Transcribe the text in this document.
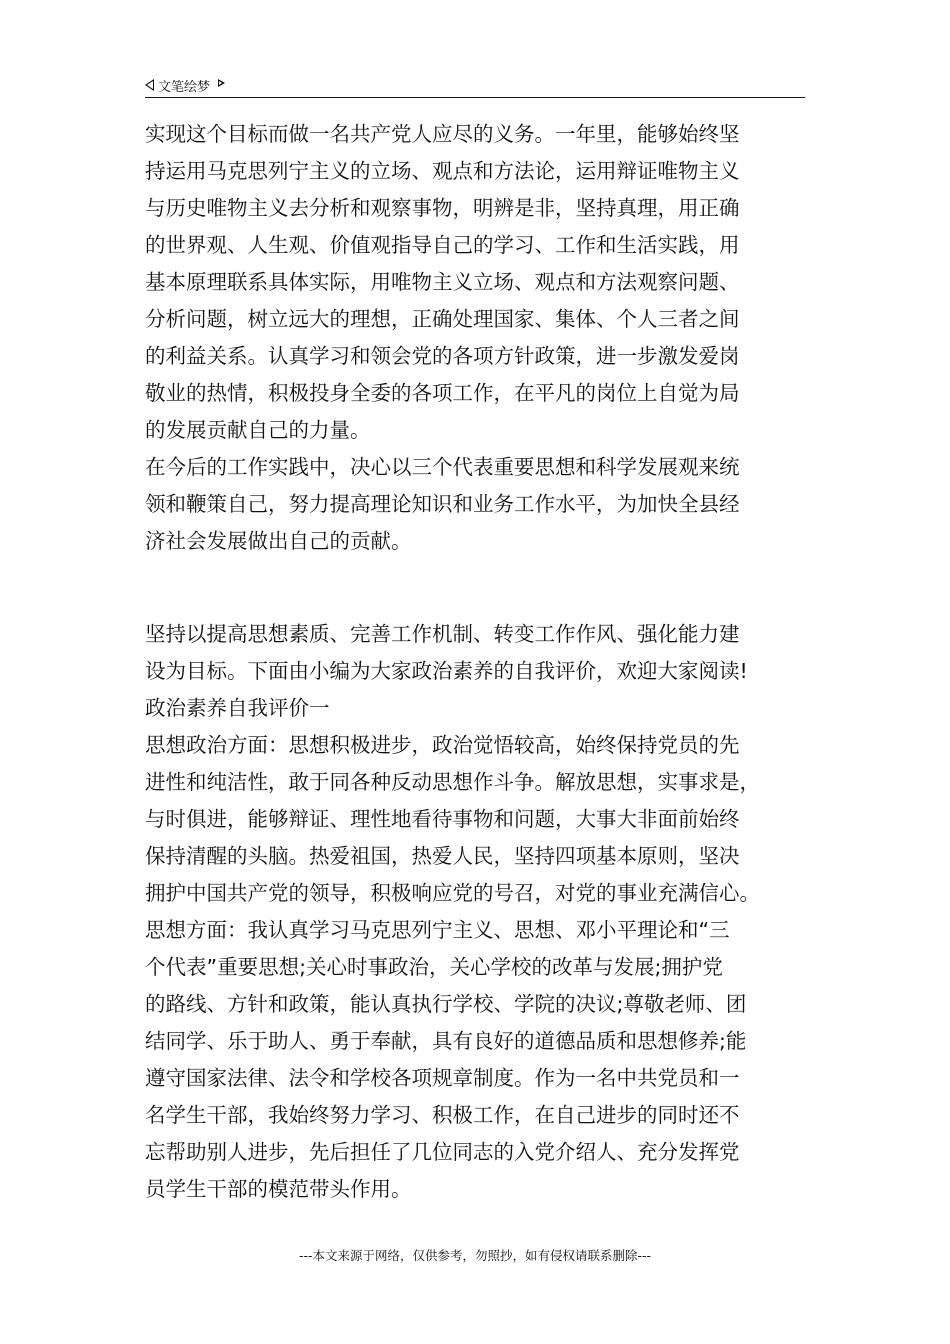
文笔绘梦
实现这个目标而做一名共产党人应尽的义务。一年里，能够始终坚
持运用马克思列宁主义的立场、观点和方法论，运用辩证唯物主义
与历史唯物主义去分析和观察事物，明辨是非，坚持真理，用正确
的世界观、人生观、价值观指导自己的学习、工作和生活实践，用
基本原理联系具体实际，用唯物主义立场、观点和方法观察问题、
分析问题，树立远大的理想，正确处理国家、集体、个人三者之间
的利益关系。认真学习和领会党的各项方针政策，进一步激发爱岗
敬业的热情，积极投身全委的各项工作，在平凡的岗位上自觉为局
的发展贡献自己的力量。
在今后的工作实践中，决心以三个代表重要思想和科学发展观来统
领和鞭策自己，努力提高理论知识和业务工作水平，为加快全县经
济社会发展做出自己的贡献。
坚持以提高思想素质、完善工作机制、转变工作作风、强化能力建
设为目标。下面由小编为大家政治素养的自我评价，欢迎大家阅读!
政治素养自我评价一
思想政治方面：思想积极进步，政治觉悟较高，始终保持党员的先
进性和纯洁性，敢于同各种反动思想作斗争。解放思想，实事求是，
与时俱进，能够辩证、理性地看待事物和问题，大事大非面前始终
保持清醒的头脑。热爱祖国，热爱人民，坚持四项基本原则，坚决
拥护中国共产党的领导，积极响应党的号召，对党的事业充满信心。
思想方面：我认真学习马克思列宁主义、思想、邓小平理论和“三
个代表”重要思想;关心时事政治，关心学校的改革与发展;拥护党
的路线、方针和政策，能认真执行学校、学院的决议;尊敬老师、团
结同学、乐于助人、勇于奉献，具有良好的道德品质和思想修养;能
遵守国家法律、法令和学校各项规章制度。作为一名中共党员和一
名学生干部，我始终努力学习、积极工作，在自己进步的同时还不
忘帮助别人进步，先后担任了几位同志的入党介绍人、充分发挥党
员学生干部的模范带头作用。
---本文来源于网络，仅供参考，勿照抄，如有侵权请联系删除---
